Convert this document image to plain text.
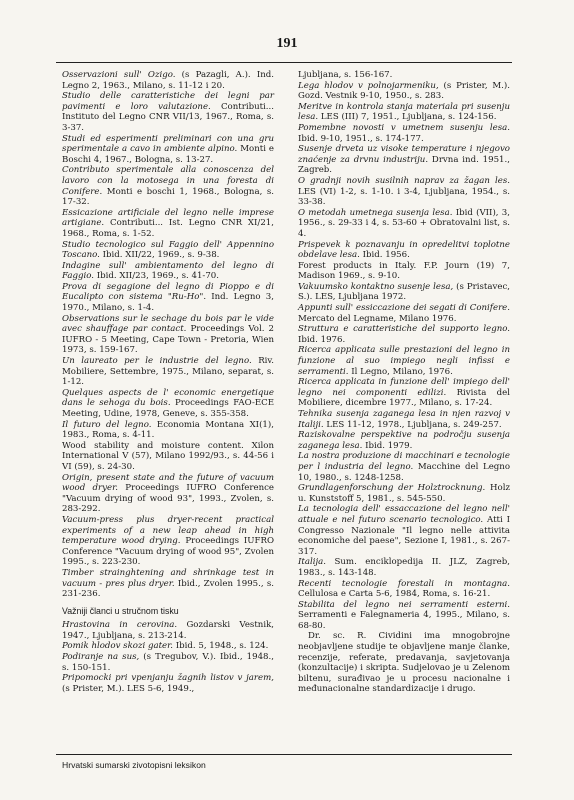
191

Osservazioni sull' Ozigo. (s Pazagli, A.). Ind. Legno 2, 1963., Milano, s. 11-12 i 20.

Studio delle caratteristiche dei legni par pavimenti e loro valutazione. Contributi... Instituto del Legno CNR VII/13, 1967., Roma, s. 3-37.

Studi ed esperimenti preliminari con una gru sperimentale a cavo in ambiente alpino. Monti e Boschi 4, 1967., Bologna, s. 13-27.

Contributo sperimentale alla conoscenza del lavoro con la motosega in una foresta di Conifere. Monti e boschi 1, 1968., Bologna, s. 17-32.

Essicazione artificiale del legno nelle imprese artigiane. Contributi... Ist. Legno CNR XI/21, 1968., Roma, s. 1-52.

Studio tecnologico sul Faggio dell' Appennino Toscano. Ibid. XII/22, 1969., s. 9-38.

Indagine sull' ambientamento del legno di Faggio. Ibid. XII/23, 1969., s. 41-70.

Prova di segagione del legno di Pioppo e di Eucalipto con sistema "Ru-Ho". Ind. Legno 3, 1970., Milano, s. 1-4.

Observations sur le sechage du bois par le vide avec shauffage par contact. Proceedings Vol. 2 IUFRO - 5 Meeting, Cape Town - Pretoria, Wien 1973, s. 159-167.

Un laureato per le industrie del legno. Riv. Mobiliere, Settembre, 1975., Milano, separat, s. 1-12.

Quelques aspects de l' economic energetique dans le sehoga du bois. Proceedings FAO-ECE Meeting, Udine, 1978, Geneve, s. 355-358.

Il futuro del legno. Economia Montana XI(1), 1983., Roma, s. 4-11.

Wood stability and moisture content. Xilon International V (57), Milano 1992/93., s. 44-56 i VI (59), s. 24-30.

Origin, present state and the future of vacuum wood dryer. Proceedings IUFRO Conference "Vacuum drying of wood 93", 1993., Zvolen, s. 283-292.

Vacuum-press plus dryer-recent practical experiments of a new leap ahead in high temperature wood drying. Proceedings IUFRO Conference "Vacuum drying of wood 95", Zvolen 1995., s. 223-230.

Timber strainghtening and shrinkage test in vacuum - pres plus dryer. Ibid., Zvolen 1995., s. 231-236.

Važniji članci u stručnom tisku

Hrastovina in cerovina. Gozdarski Vestnik, 1947., Ljubljana, s. 213-214.

Pomik hlodov skozi gater. Ibid. 5, 1948., s. 124.

Podiranje na sus, (s Tregubov, V.). Ibid., 1948., s. 150-151.

Pripomocki pri vpenjanju žagnih listov v jarem, (s Prister, M.). LES 5-6, 1949.,

Ljubljana, s. 156-167.

Lega hlodov v polnojarmeniku, (s Prister, M.). Gozd. Vestnik 9-10, 1950., s. 283.

Meritve in kontrola stanja materiala pri susenju lesa. LES (III) 7, 1951., Ljubljana, s. 124-156.

Pomembne novosti v umetnem susenju lesa. Ibid. 9-10, 1951., s. 174-177.

Susenje drveta uz visoke temperature i njegovo znaćenje za drvnu industriju. Drvna ind. 1951., Zagreb.

O gradnji novih susilnih naprav za žagan les. LES (VI) 1-2, s. 1-10. i 3-4, Ljubljana, 1954., s. 33-38.

O metodah umetnega susenja lesa. Ibid (VII), 3, 1956., s. 29-33 i 4, s. 53-60 + Obratovalni list, s. 4.

Prispevek k poznavanju in opredelitvi toplotne obdelave lesa. Ibid. 1956.

Forest products in Italy. F.P. Journ (19) 7, Madison 1969., s. 9-10.

Vakuumsko kontaktno susenje lesa, (s Pristavec, S.). LES, Ljubljana 1972.

Appunti sull' essiccazione dei segati di Conifere. Mercato del Legname, Milano 1976.

Struttura e caratteristiche del supporto legno. Ibid. 1976.

Ricerca applicata sulle prestazioni del legno in funzione al suo impiego negli infissi e serramenti. Il Legno, Milano, 1976.

Ricerca applicata in funzione dell' impiego dell' legno nei componenti edilizi. Rivista del Mobiliere, dicembre 1977., Milano, s. 17-24.

Tehnika susenja zaganega lesa in njen razvoj v Italiji. LES 11-12, 1978., Ljubljana, s. 249-257.

Raziskovalne perspektive na področju susenja zaganega lesa. Ibid. 1979.

La nostra produzione di macchinari e tecnologie per l industria del legno. Macchine del Legno 10, 1980., s. 1248-1258.

Grundlagenforschung der Holztrocknung. Holz u. Kunststoff 5, 1981., s. 545-550.

La tecnologia dell' essaccazione del legno nell' attuale e nel futuro scenario tecnologico. Atti I Congresso Nazionale "Il legno nelle attivita economiche del paese", Sezione I, 1981., s. 267-317.

Italija. Sum. enciklopedija II. JLZ, Zagreb, 1983., s. 143-148.

Recenti tecnologie forestali in montagna. Cellulosa e Carta 5-6, 1984, Roma, s. 16-21.

Stabilita del legno nei serramenti esterni. Serramenti e Falegnameria 4, 1995., Milano, s. 68-80.

Dr. sc. R. Cividini ima mnogobrojne neobjavljene studije te objavljene manje članke, recenzije, referate, predavanja, savjetovanja (konzultacije) i skripta. Sudjelovao je u Zelenom biltenu, surađivao je u procesu nacionalne i međunacionalne standardizacije i drugo.

Hrvatski sumarski zivotopisni leksikon
